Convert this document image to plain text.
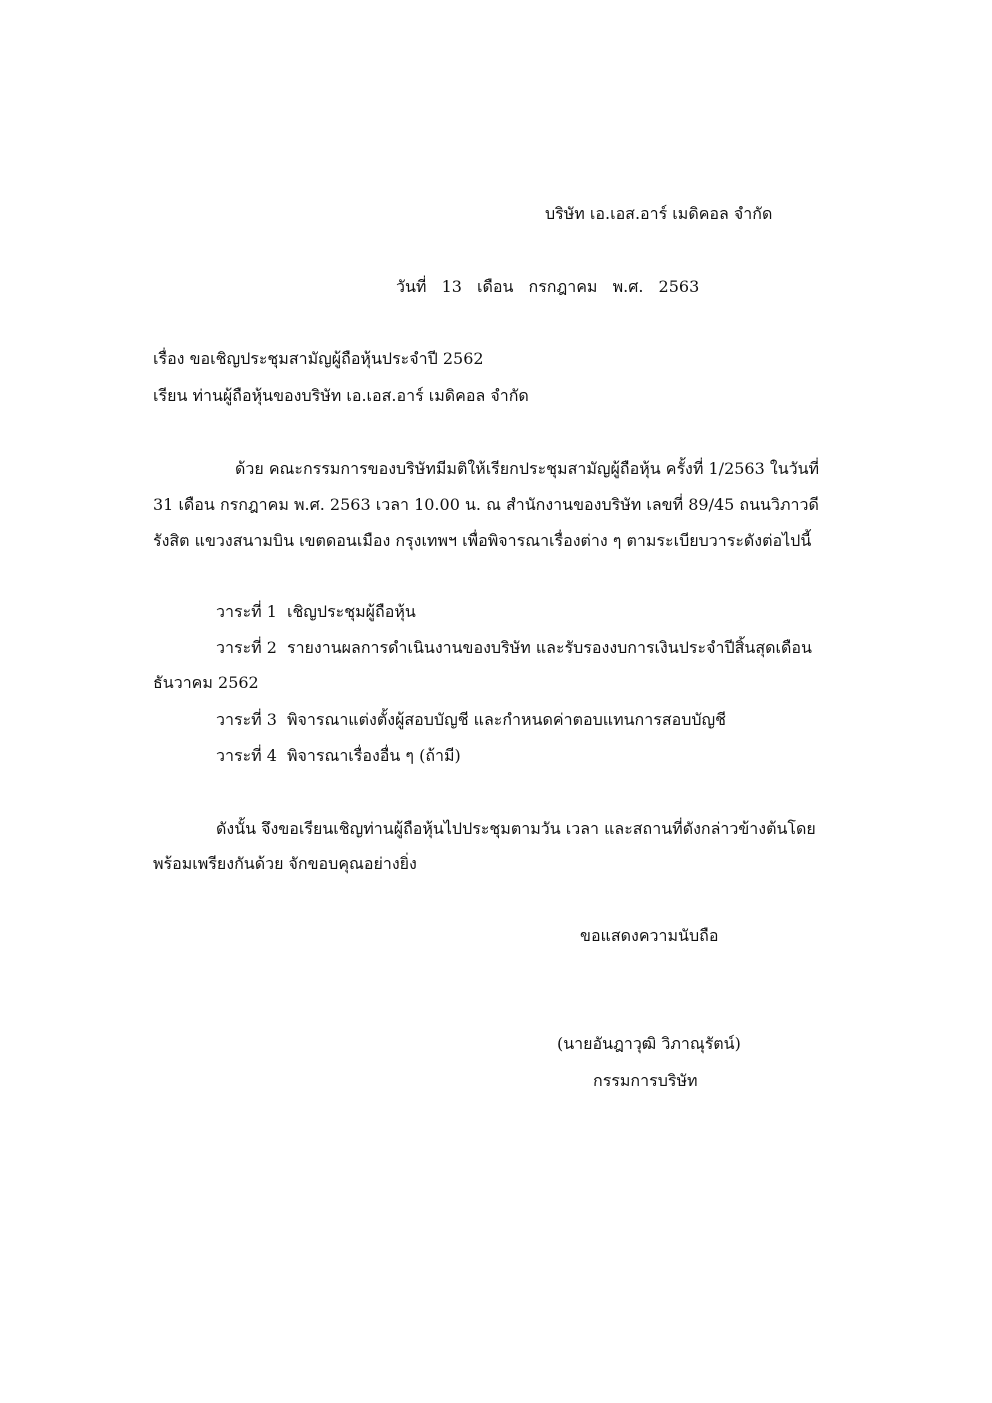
บริษัท เอ.เอส.อาร์ เมดิคอล จำกัด
วันที่ 13 เดือน กรกฎาคม พ.ศ. 2563
เรื่อง ขอเชิญประชุมสามัญผู้ถือหุ้นประจำปี 2562
เรียน ท่านผู้ถือหุ้นของบริษัท เอ.เอส.อาร์ เมดิคอล จำกัด
ด้วย คณะกรรมการของบริษัทมีมติให้เรียกประชุมสามัญผู้ถือหุ้น ครั้งที่ 1/2563 ในวันที่
31 เดือน กรกฎาคม พ.ศ. 2563 เวลา 10.00 น. ณ สำนักงานของบริษัท เลขที่ 89/45 ถนนวิภาวดี
รังสิต แขวงสนามบิน เขตดอนเมือง กรุงเทพฯ เพื่อพิจารณาเรื่องต่าง ๆ ตามระเบียบวาระดังต่อไปนี้
วาระที่ 1 เชิญประชุมผู้ถือหุ้น
วาระที่ 2 รายงานผลการดำเนินงานของบริษัท และรับรองงบการเงินประจำปีสิ้นสุดเดือน
ธันวาคม 2562
วาระที่ 3 พิจารณาแต่งตั้งผู้สอบบัญชี และกำหนดค่าตอบแทนการสอบบัญชี
วาระที่ 4 พิจารณาเรื่องอื่น ๆ (ถ้ามี)
ดังนั้น จึงขอเรียนเชิญท่านผู้ถือหุ้นไปประชุมตามวัน เวลา และสถานที่ดังกล่าวข้างต้นโดย
พร้อมเพรียงกันด้วย จักขอบคุณอย่างยิ่ง
ขอแสดงความนับถือ
(นายอันฎาวุฒิ วิภาณุรัตน์)
กรรมการบริษัท
